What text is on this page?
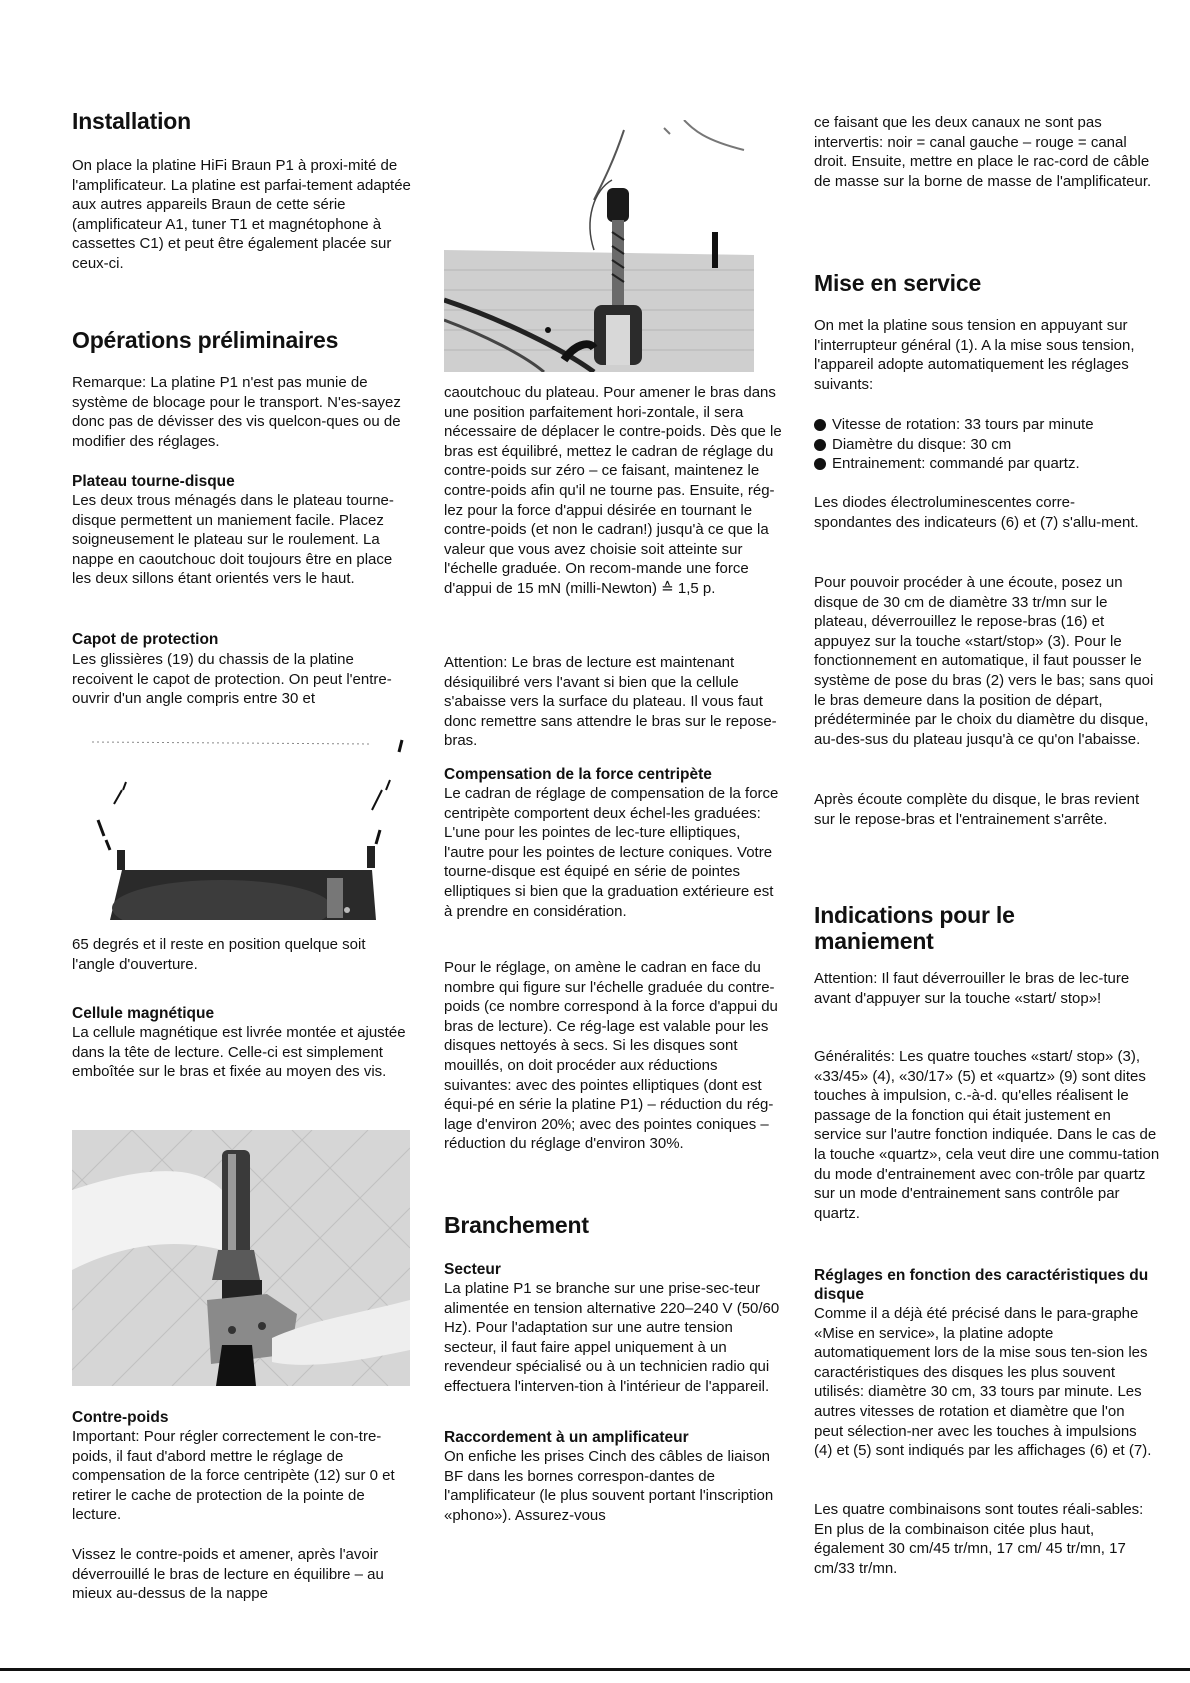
Installation

On place la platine HiFi Braun P1 à proxi-mité de l'amplificateur. La platine est parfai-tement adaptée aux autres appareils Braun de cette série (amplificateur A1, tuner T1 et magnétophone à cassettes C1) et peut être également placée sur ceux-ci.

Opérations préliminaires

Remarque: La platine P1 n'est pas munie de système de blocage pour le transport. N'es-sayez donc pas de dévisser des vis quelcon-ques ou de modifier des réglages.

Plateau tourne-disque

Les deux trous ménagés dans le plateau tourne-disque permettent un maniement facile. Placez soigneusement le plateau sur le roulement. La nappe en caoutchouc doit toujours être en place les deux sillons étant orientés vers le haut.

Capot de protection

Les glissières (19) du chassis de la platine recoivent le capot de protection. On peut l'entre-ouvrir d'un angle compris entre 30 et

65 degrés et il reste en position quelque soit l'angle d'ouverture.

Cellule magnétique

La cellule magnétique est livrée montée et ajustée dans la tête de lecture. Celle-ci est simplement emboîtée sur le bras et fixée au moyen des vis.

Contre-poids

Important: Pour régler correctement le con-tre-poids, il faut d'abord mettre le réglage de compensation de la force centripète (12) sur 0 et retirer le cache de protection de la pointe de lecture.

Vissez le contre-poids et amener, après l'avoir déverrouillé le bras de lecture en équilibre – au mieux au-dessus de la nappe

caoutchouc du plateau. Pour amener le bras dans une position parfaitement hori-zontale, il sera nécessaire de déplacer le contre-poids. Dès que le bras est équilibré, mettez le cadran de réglage du contre-poids sur zéro – ce faisant, maintenez le contre-poids afin qu'il ne tourne pas. Ensuite, rég-lez pour la force d'appui désirée en tournant le contre-poids (et non le cadran!) jusqu'à ce que la valeur que vous avez choisie soit atteinte sur l'échelle graduée. On recom-mande une force d'appui de 15 mN (milli-Newton) ≙ 1,5 p.

Attention: Le bras de lecture est maintenant désiquilibré vers l'avant si bien que la cellule s'abaisse vers la surface du plateau. Il vous faut donc remettre sans attendre le bras sur le repose-bras.

Compensation de la force centripète

Le cadran de réglage de compensation de la force centripète comportent deux échel-les graduées: L'une pour les pointes de lec-ture elliptiques, l'autre pour les pointes de lecture coniques. Votre tourne-disque est équipé en série de pointes elliptiques si bien que la graduation extérieure est à prendre en considération.

Pour le réglage, on amène le cadran en face du nombre qui figure sur l'échelle graduée du contre-poids (ce nombre correspond à la force d'appui du bras de lecture). Ce rég-lage est valable pour les disques nettoyés à secs. Si les disques sont mouillés, on doit procéder aux réductions suivantes: avec des pointes elliptiques (dont est équi-pé en série la platine P1) – réduction du rég-lage d'environ 20%; avec des pointes coniques – réduction du réglage d'environ 30%.

Branchement
Secteur

La platine P1 se branche sur une prise-sec-teur alimentée en tension alternative 220–240 V (50/60 Hz). Pour l'adaptation sur une autre tension secteur, il faut faire appel uniquement à un revendeur spécialisé ou à un technicien radio qui effectuera l'interven-tion à l'intérieur de l'appareil.

Raccordement à un amplificateur

On enfiche les prises Cinch des câbles de liaison BF dans les bornes correspon-dantes de l'amplificateur (le plus souvent portant l'inscription «phono»). Assurez-vous

ce faisant que les deux canaux ne sont pas intervertis: noir = canal gauche – rouge = canal droit. Ensuite, mettre en place le rac-cord de câble de masse sur la borne de masse de l'amplificateur.

Mise en service

On met la platine sous tension en appuyant sur l'interrupteur général (1). A la mise sous tension, l'appareil adopte automatiquement les réglages suivants:

Vitesse de rotation: 33 tours par minute
Diamètre du disque: 30 cm
Entrainement: commandé par quartz.

Les diodes électroluminescentes corre-spondantes des indicateurs (6) et (7) s'allu-ment.

Pour pouvoir procéder à une écoute, posez un disque de 30 cm de diamètre 33 tr/mn sur le plateau, déverrouillez le repose-bras (16) et appuyez sur la touche «start/stop» (3). Pour le fonctionnement en automatique, il faut pousser le système de pose du bras (2) vers le bas; sans quoi le bras demeure dans la position de départ, prédéterminée par le choix du diamètre du disque, au-des-sus du plateau jusqu'à ce qu'on l'abaisse.

Après écoute complète du disque, le bras revient sur le repose-bras et l'entrainement s'arrête.

Indications pour le maniement

Attention: Il faut déverrouiller le bras de lec-ture avant d'appuyer sur la touche «start/ stop»!

Généralités: Les quatre touches «start/ stop» (3), «33/45» (4), «30/17» (5) et «quartz» (9) sont dites touches à impulsion, c.-à-d. qu'elles réalisent le passage de la fonction qui était justement en service sur l'autre fonction indiquée. Dans le cas de la touche «quartz», cela veut dire une commu-tation du mode d'entrainement avec con-trôle par quartz sur un mode d'entrainement sans contrôle par quartz.

Réglages en fonction des caractéristiques du disque

Comme il a déjà été précisé dans le para-graphe «Mise en service», la platine adopte automatiquement lors de la mise sous ten-sion les caractéristiques des disques les plus souvent utilisés: diamètre 30 cm, 33 tours par minute. Les autres vitesses de rotation et diamètre que l'on peut sélection-ner avec les touches à impulsions (4) et (5) sont indiqués par les affichages (6) et (7).

Les quatre combinaisons sont toutes réali-sables: En plus de la combinaison citée plus haut, également 30 cm/45 tr/mn, 17 cm/ 45 tr/mn, 17 cm/33 tr/mn.
